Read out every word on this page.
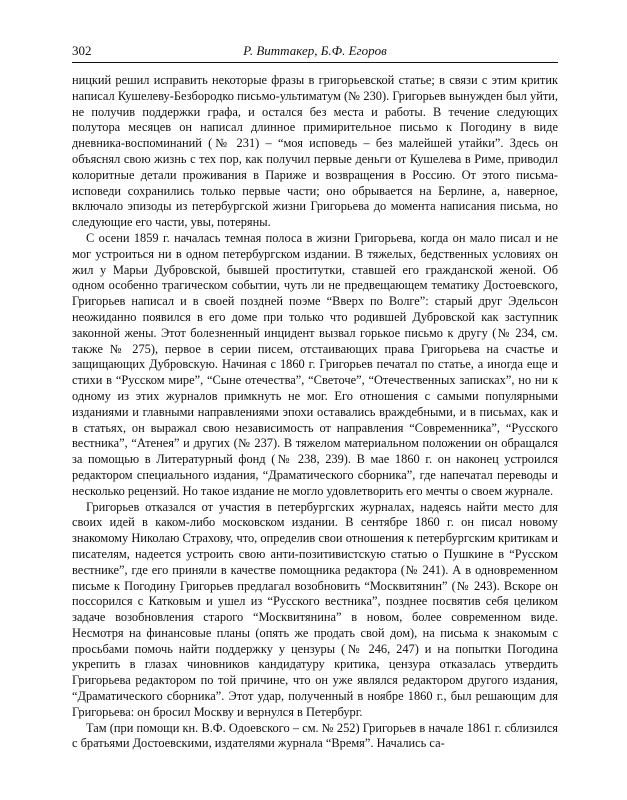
302	Р. Виттакер, Б.Ф. Егоров

ницкий решил исправить некоторые фразы в григорьевской статье; в связи с этим критик написал Кушелеву-Безбородко письмо-ультиматум (№ 230). Григорьев вынужден был уйти, не получив поддержки графа, и остался без места и работы. В течение следующих полутора месяцев он написал длинное примирительное письмо к Погодину в виде дневника-воспоминаний (№ 231) – “моя исповедь – без малейшей утайки”. Здесь он объяснял свою жизнь с тех пор, как получил первые деньги от Кушелева в Риме, приводил колоритные детали проживания в Париже и возвращения в Россию. От этого письма-исповеди сохранились только первые части; оно обрывается на Берлине, а, наверное, включало эпизоды из петербургской жизни Григорьева до момента написания письма, но следующие его части, увы, потеряны.

С осени 1859 г. началась темная полоса в жизни Григорьева, когда он мало писал и не мог устроиться ни в одном петербургском издании. В тяжелых, бедственных условиях он жил у Марьи Дубровской, бывшей проститутки, ставшей его гражданской женой. Об одном особенно трагическом событии, чуть ли не предвещающем тематику Достоевского, Григорьев написал и в своей поздней поэме “Вверх по Волге”: старый друг Эдельсон неожиданно появился в его доме при только что родившей Дубровской как заступник законной жены. Этот болезненный инцидент вызвал горькое письмо к другу (№ 234, см. также № 275), первое в серии писем, отстаивающих права Григорьева на счастье и защищающих Дубровскую. Начиная с 1860 г. Григорьев печатал по статье, а иногда еще и стихи в “Русском мире”, “Сыне отечества”, “Светоче”, “Отечественных записках”, но ни к одному из этих журналов примкнуть не мог. Его отношения с самыми популярными изданиями и главными направлениями эпохи оставались враждебными, и в письмах, как и в статьях, он выражал свою независимость от направления “Современника”, “Русского вестника”, “Атенея” и других (№ 237). В тяжелом материальном положении он обращался за помощью в Литературный фонд (№ 238, 239). В мае 1860 г. он наконец устроился редактором специального издания, “Драматического сборника”, где напечатал переводы и несколько рецензий. Но такое издание не могло удовлетворить его мечты о своем журнале.

Григорьев отказался от участия в петербургских журналах, надеясь найти место для своих идей в каком-либо московском издании. В сентябре 1860 г. он писал новому знакомому Николаю Страхову, что, определив свои отношения к петербургским критикам и писателям, надеется устроить свою анти-позитивистскую статью о Пушкине в “Русском вестнике”, где его приняли в качестве помощника редактора (№ 241). А в одновременном письме к Погодину Григорьев предлагал возобновить “Москвитянин” (№ 243). Вскоре он поссорился с Катковым и ушел из “Русского вестника”, позднее посвятив себя целиком задаче возобновления старого “Москвитянина” в новом, более современном виде. Несмотря на финансовые планы (опять же продать свой дом), на письма к знакомым с просьбами помочь найти поддержку у цензуры (№ 246, 247) и на попытки Погодина укрепить в глазах чиновников кандидатуру критика, цензура отказалась утвердить Григорьева редактором по той причине, что он уже являлся редактором другого издания, “Драматического сборника”. Этот удар, полученный в ноябре 1860 г., был решающим для Григорьева: он бросил Москву и вернулся в Петербург.

Там (при помощи кн. В.Ф. Одоевского – см. № 252) Григорьев в начале 1861 г. сблизился с братьями Достоевскими, издателями журнала “Время”. Начались са-
